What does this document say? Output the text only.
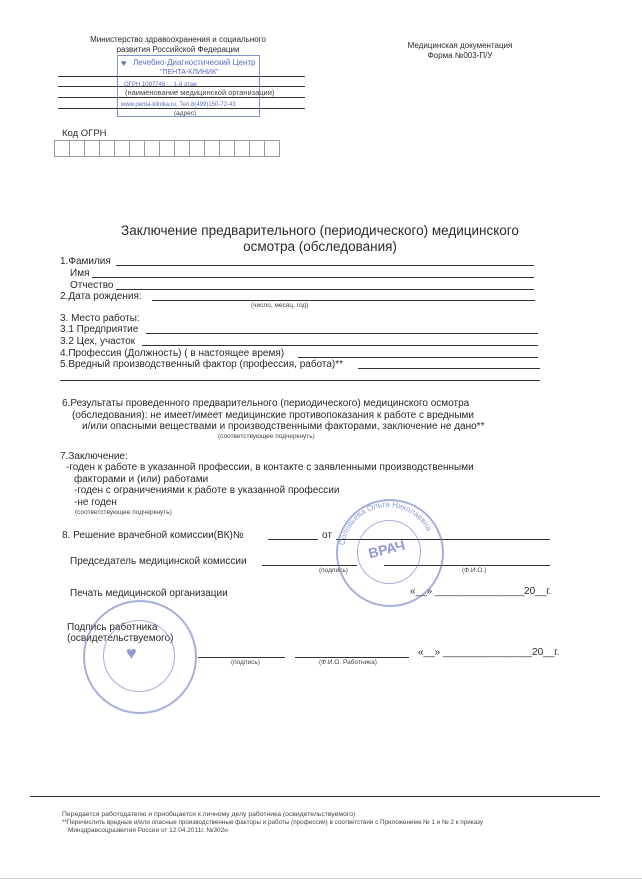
Министерство здравоохранения и социального
развития Российской Федерации
(наименование медицинской организации)
(адрес)
♥ Лечебно-Диагностический Центр
"ПЕНТА-КЛИНИК"
ОГРН 1097746 ... 1-й этаж
www.penta-klinika.ru, Тел.8(499)150-72-43
Код ОГРН
Медицинская документация
Форма №003-П/У
Заключение предварительного (периодического) медицинского
осмотра (обследования)
1.Фамилия
Имя
Отчество
2.Дата рождения:
(число, месяц, год)
3. Место работы:
3.1 Предприятие
3.2 Цех, участок
4.Профессия (Должность) ( в настоящее время)
5.Вредный производственный фактор (профессия, работа)**
6.Результаты проведенного предварительного (периодического) медицинского осмотра
(обследования): не имеет/имеет медицинские противопоказания к работе с вредными
и/или опасными веществами и производственными факторами, заключение не дано**
(соответствующее подчеркнуть)
7.Заключение:
-годен к работе в указанной профессии, в контакте с заявленными производственными
факторами и (или) работами
-годен с ограничениями к работе в указанной профессии
-не годен
(соответствующее подчеркнуть)
8. Решение врачебной комиссии(ВК)№	от
Председатель медицинской комиссии
(подпись)	(Ф.И.О.)
Печать медицинской организации	«__» ________________20__г.
Подпись работника
(освидетельствуемого)
«__» ________________20__г.
(подпись)	(Ф.И.О. Работника)
ВРАЧ
Соловьева Ольга Николаевна
♥
Передается работодателю и приобщается к личному делу работника (освидетельствуемого)
**Перечислить вредные и/или опасные производственные факторы и работы (профессии) в соответствии с Приложением № 1 и № 2 к приказу
Минздравсоцразвития России от 12.04.2011г. №302н
